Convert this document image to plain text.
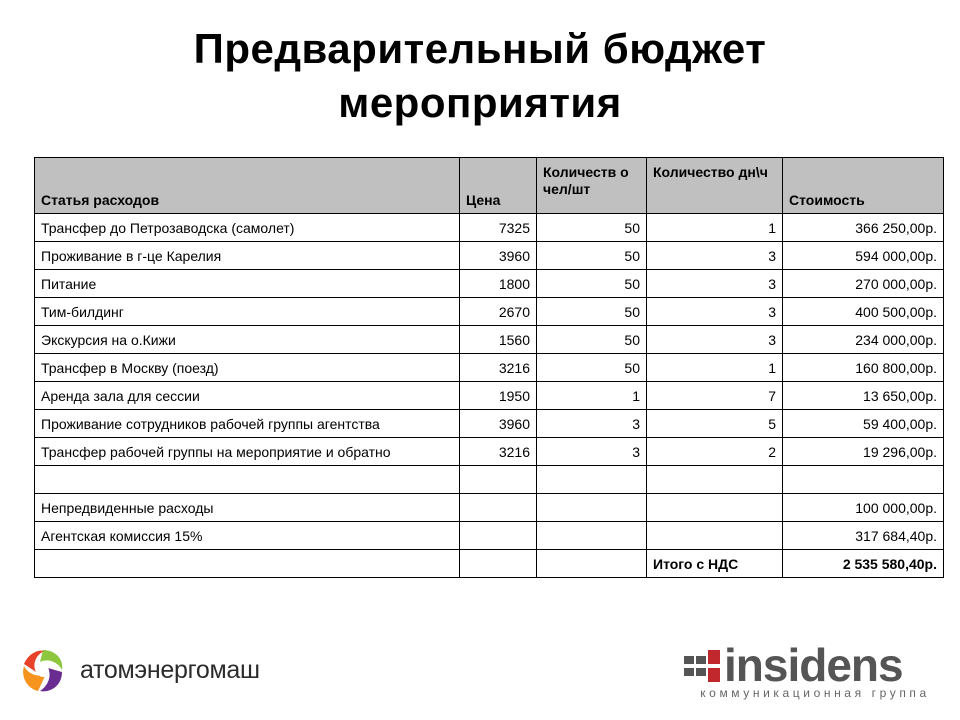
Предварительный бюджет
мероприятия
Статья расходов	Цена	Количеств о чел/шт	Количество дн\ч	Стоимость
Трансфер до Петрозаводска (самолет)	7325	50	1	366 250,00р.
Проживание в г-це Карелия	3960	50	3	594 000,00р.
Питание	1800	50	3	270 000,00р.
Тим-билдинг	2670	50	3	400 500,00р.
Экскурсия на о.Кижи	1560	50	3	234 000,00р.
Трансфер в Москву (поезд)	3216	50	1	160 800,00р.
Аренда зала для сессии	1950	1	7	13 650,00р.
Проживание сотрудников рабочей группы агентства	3960	3	5	59 400,00р.
Трансфер рабочей группы на мероприятие и обратно	3216	3	2	19 296,00р.

Непредвиденные расходы				100 000,00р.
Агентская комиссия 15%				317 684,40р.
			Итого с НДС	2 535 580,40р.
атомэнергомаш	insidens
коммуникационная группа
